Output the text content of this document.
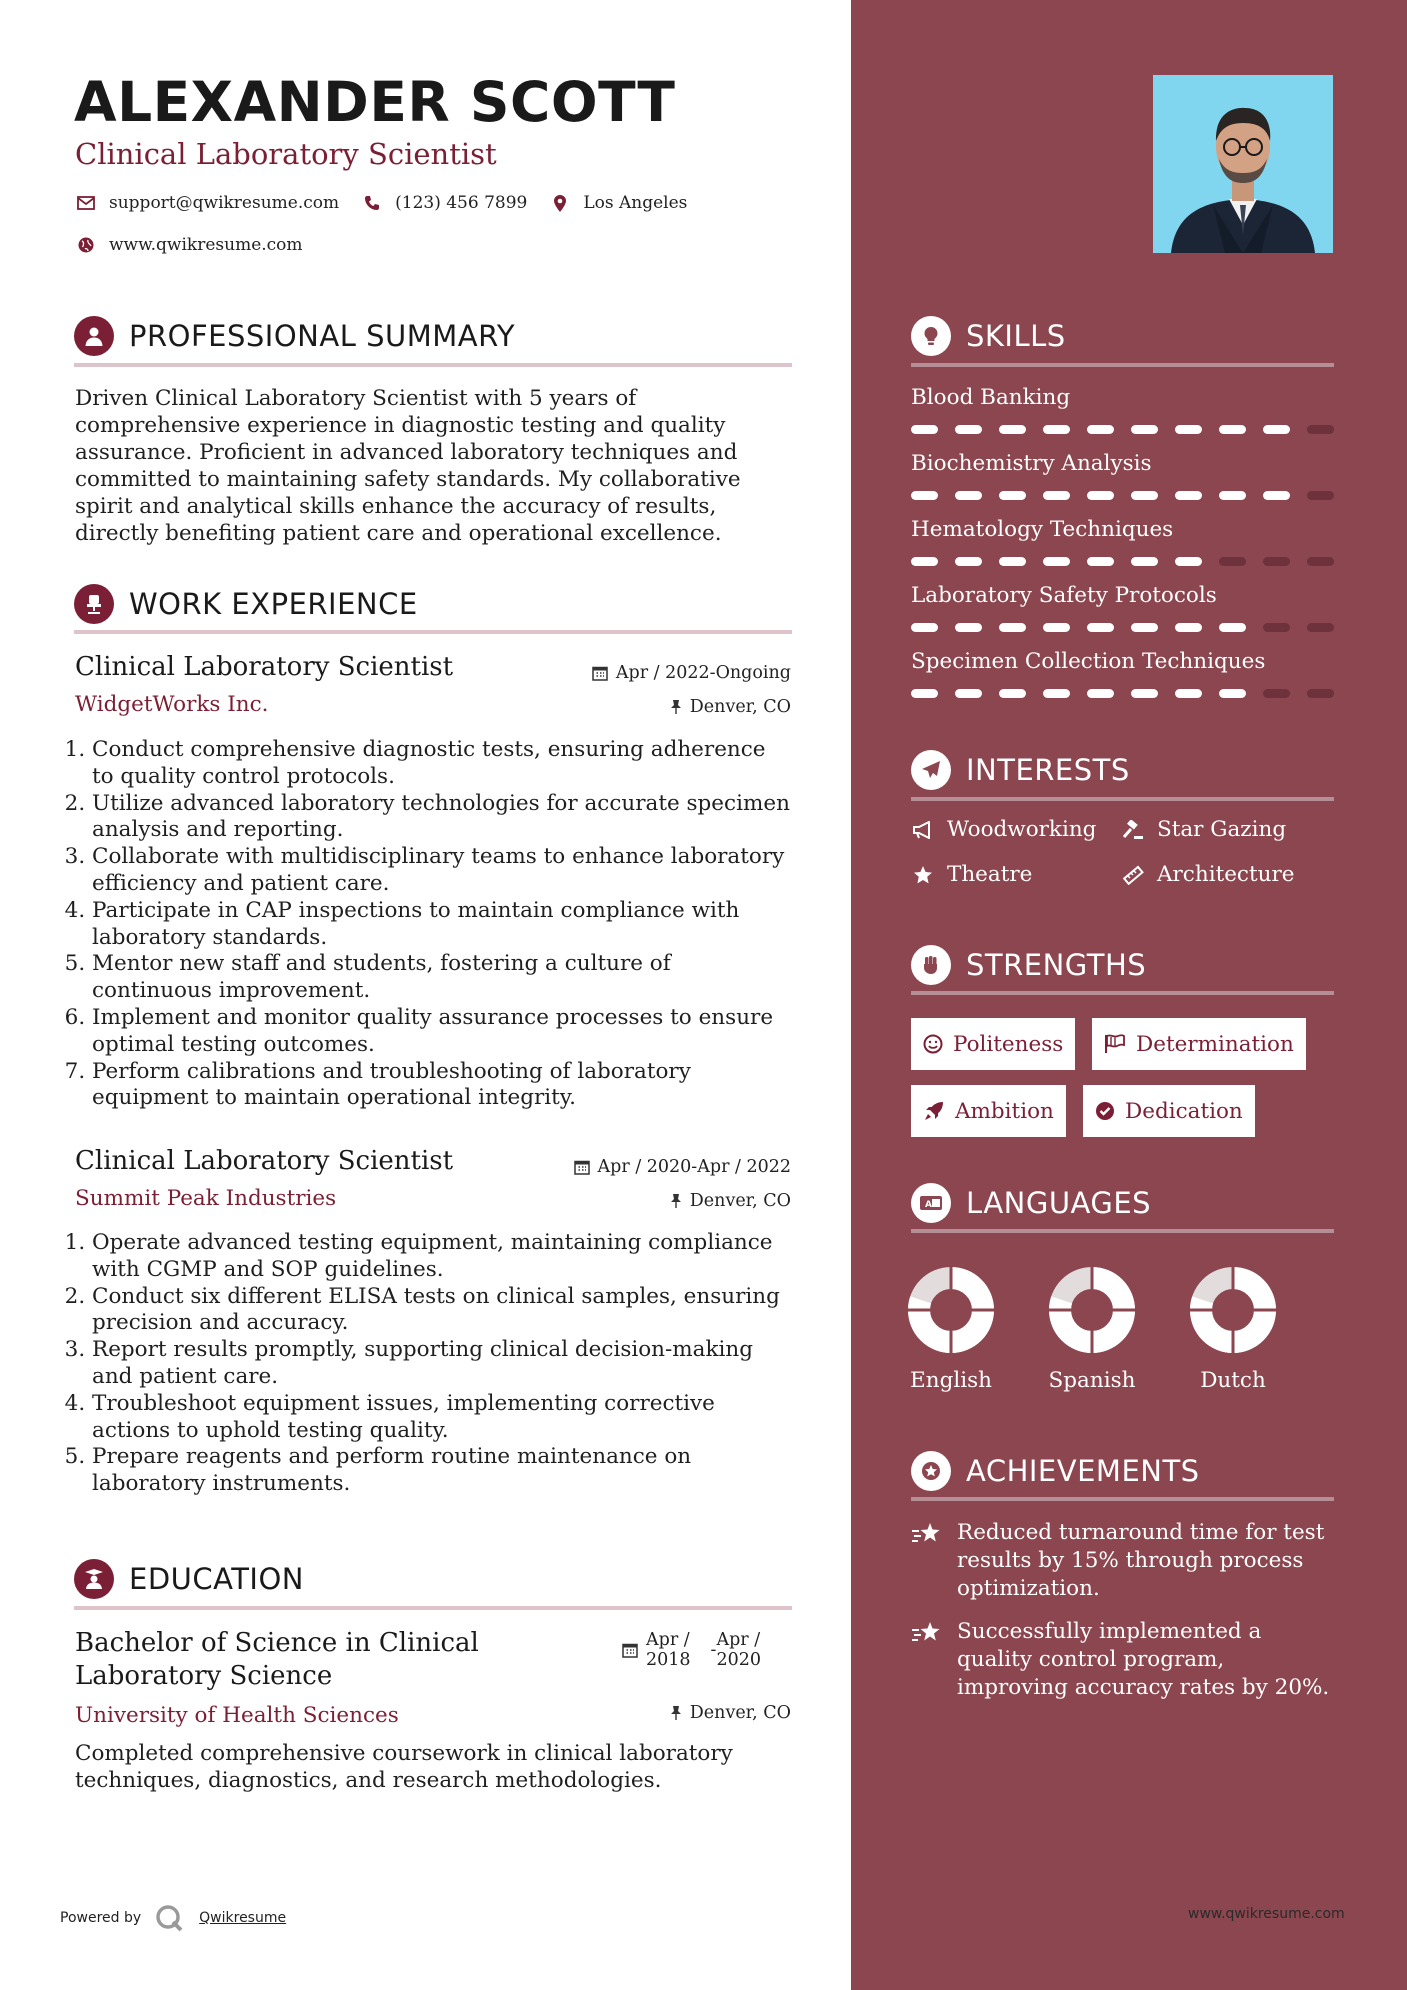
ALEXANDER SCOTT
Clinical Laboratory Scientist
support@qwikresume.com	(123) 456 7899	Los Angeles
www.qwikresume.com
PROFESSIONAL SUMMARY
Driven Clinical Laboratory Scientist with 5 years of comprehensive experience in diagnostic testing and quality assurance. Proficient in advanced laboratory techniques and committed to maintaining safety standards. My collaborative spirit and analytical skills enhance the accuracy of results, directly benefiting patient care and operational excellence.
WORK EXPERIENCE
Clinical Laboratory Scientist	Apr / 2022-Ongoing
WidgetWorks Inc.	Denver, CO
1. Conduct comprehensive diagnostic tests, ensuring adherence to quality control protocols.
2. Utilize advanced laboratory technologies for accurate specimen analysis and reporting.
3. Collaborate with multidisciplinary teams to enhance laboratory efficiency and patient care.
4. Participate in CAP inspections to maintain compliance with laboratory standards.
5. Mentor new staff and students, fostering a culture of continuous improvement.
6. Implement and monitor quality assurance processes to ensure optimal testing outcomes.
7. Perform calibrations and troubleshooting of laboratory equipment to maintain operational integrity.
Clinical Laboratory Scientist	Apr / 2020-Apr / 2022
Summit Peak Industries	Denver, CO
1. Operate advanced testing equipment, maintaining compliance with CGMP and SOP guidelines.
2. Conduct six different ELISA tests on clinical samples, ensuring precision and accuracy.
3. Report results promptly, supporting clinical decision-making and patient care.
4. Troubleshoot equipment issues, implementing corrective actions to uphold testing quality.
5. Prepare reagents and perform routine maintenance on laboratory instruments.
EDUCATION
Bachelor of Science in Clinical
Laboratory Science
Apr /
2018 - Apr /
2020
University of Health Sciences	Denver, CO
Completed comprehensive coursework in clinical laboratory techniques, diagnostics, and research methodologies.
Powered by	Qwikresume
SKILLS
Blood Banking
Biochemistry Analysis
Hematology Techniques
Laboratory Safety Protocols
Specimen Collection Techniques
INTERESTS
Woodworking	Star Gazing
Theatre	Architecture
STRENGTHS
Politeness	Determination
Ambition	Dedication
A LANGUAGES
English	Spanish	Dutch
ACHIEVEMENTS
Reduced turnaround time for test results by 15% through process optimization.
Successfully implemented a quality control program, improving accuracy rates by 20%.
www.qwikresume.com
